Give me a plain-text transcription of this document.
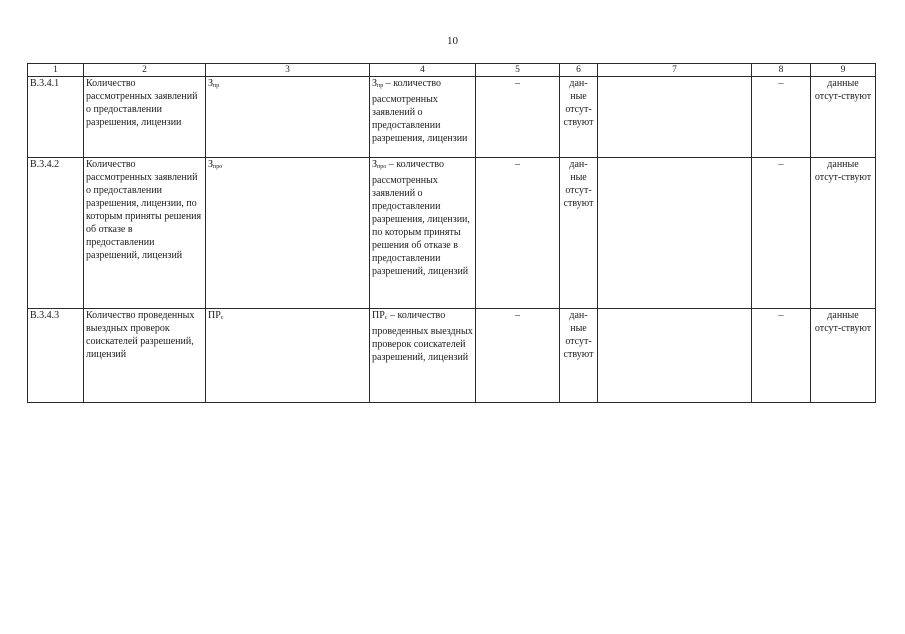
10
1	2	3	4	5	6	7	8	9
В.3.4.1	Количество рассмотренных заявлений о предоставлении разрешения, лицензии	Зпр	Зпр – количество рассмотренных заявлений о предоставлении разрешения, лицензии	–	дан-ные отсут-ствуют		–	данные отсут-ствуют
В.3.4.2	Количество рассмотренных заявлений о предоставлении разрешения, лицензии, по которым приняты решения об отказе в предоставлении разрешений, лицензий	Зпро	Зпро – количество рассмотренных заявлений о предоставлении разрешения, лицензии, по которым приняты решения об отказе в предоставлении разрешений, лицензий	–	дан-ные отсут-ствуют		–	данные отсут-ствуют
В.3.4.3	Количество проведенных выездных проверок соискателей разрешений, лицензий	ПРс	ПРс – количество проведенных выездных проверок соискателей разрешений, лицензий	–	дан-ные отсут-ствуют		–	данные отсут-ствуют
